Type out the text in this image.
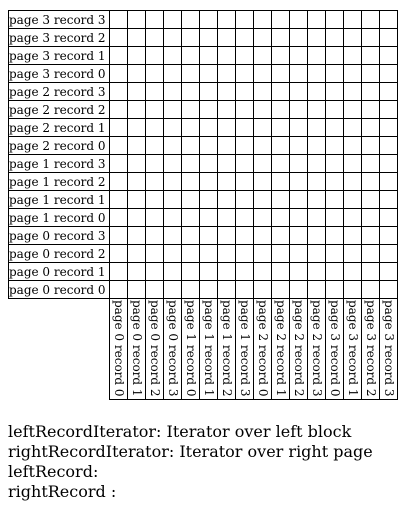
page 3 record 3																
page 3 record 2																
page 3 record 1																
page 3 record 0																
page 2 record 3																
page 2 record 2																
page 2 record 1																
page 2 record 0																
page 1 record 3																
page 1 record 2																
page 1 record 1																
page 1 record 0																
page 0 record 3																
page 0 record 2																
page 0 record 1																
page 0 record 0																

	page 0 record 0	page 0 record 1	page 0 record 2	page 0 record 3	page 1 record 0	page 1 record 1	page 1 record 2	page 1 record 3	page 2 record 0	page 2 record 1	page 2 record 2	page 2 record 3	page 3 record 0	page 3 record 1	page 3 record 2	page 3 record 3
leftRecordIterator: Iterator over left block
rightRecordIterator: Iterator over right page
leftRecord:
rightRecord :
